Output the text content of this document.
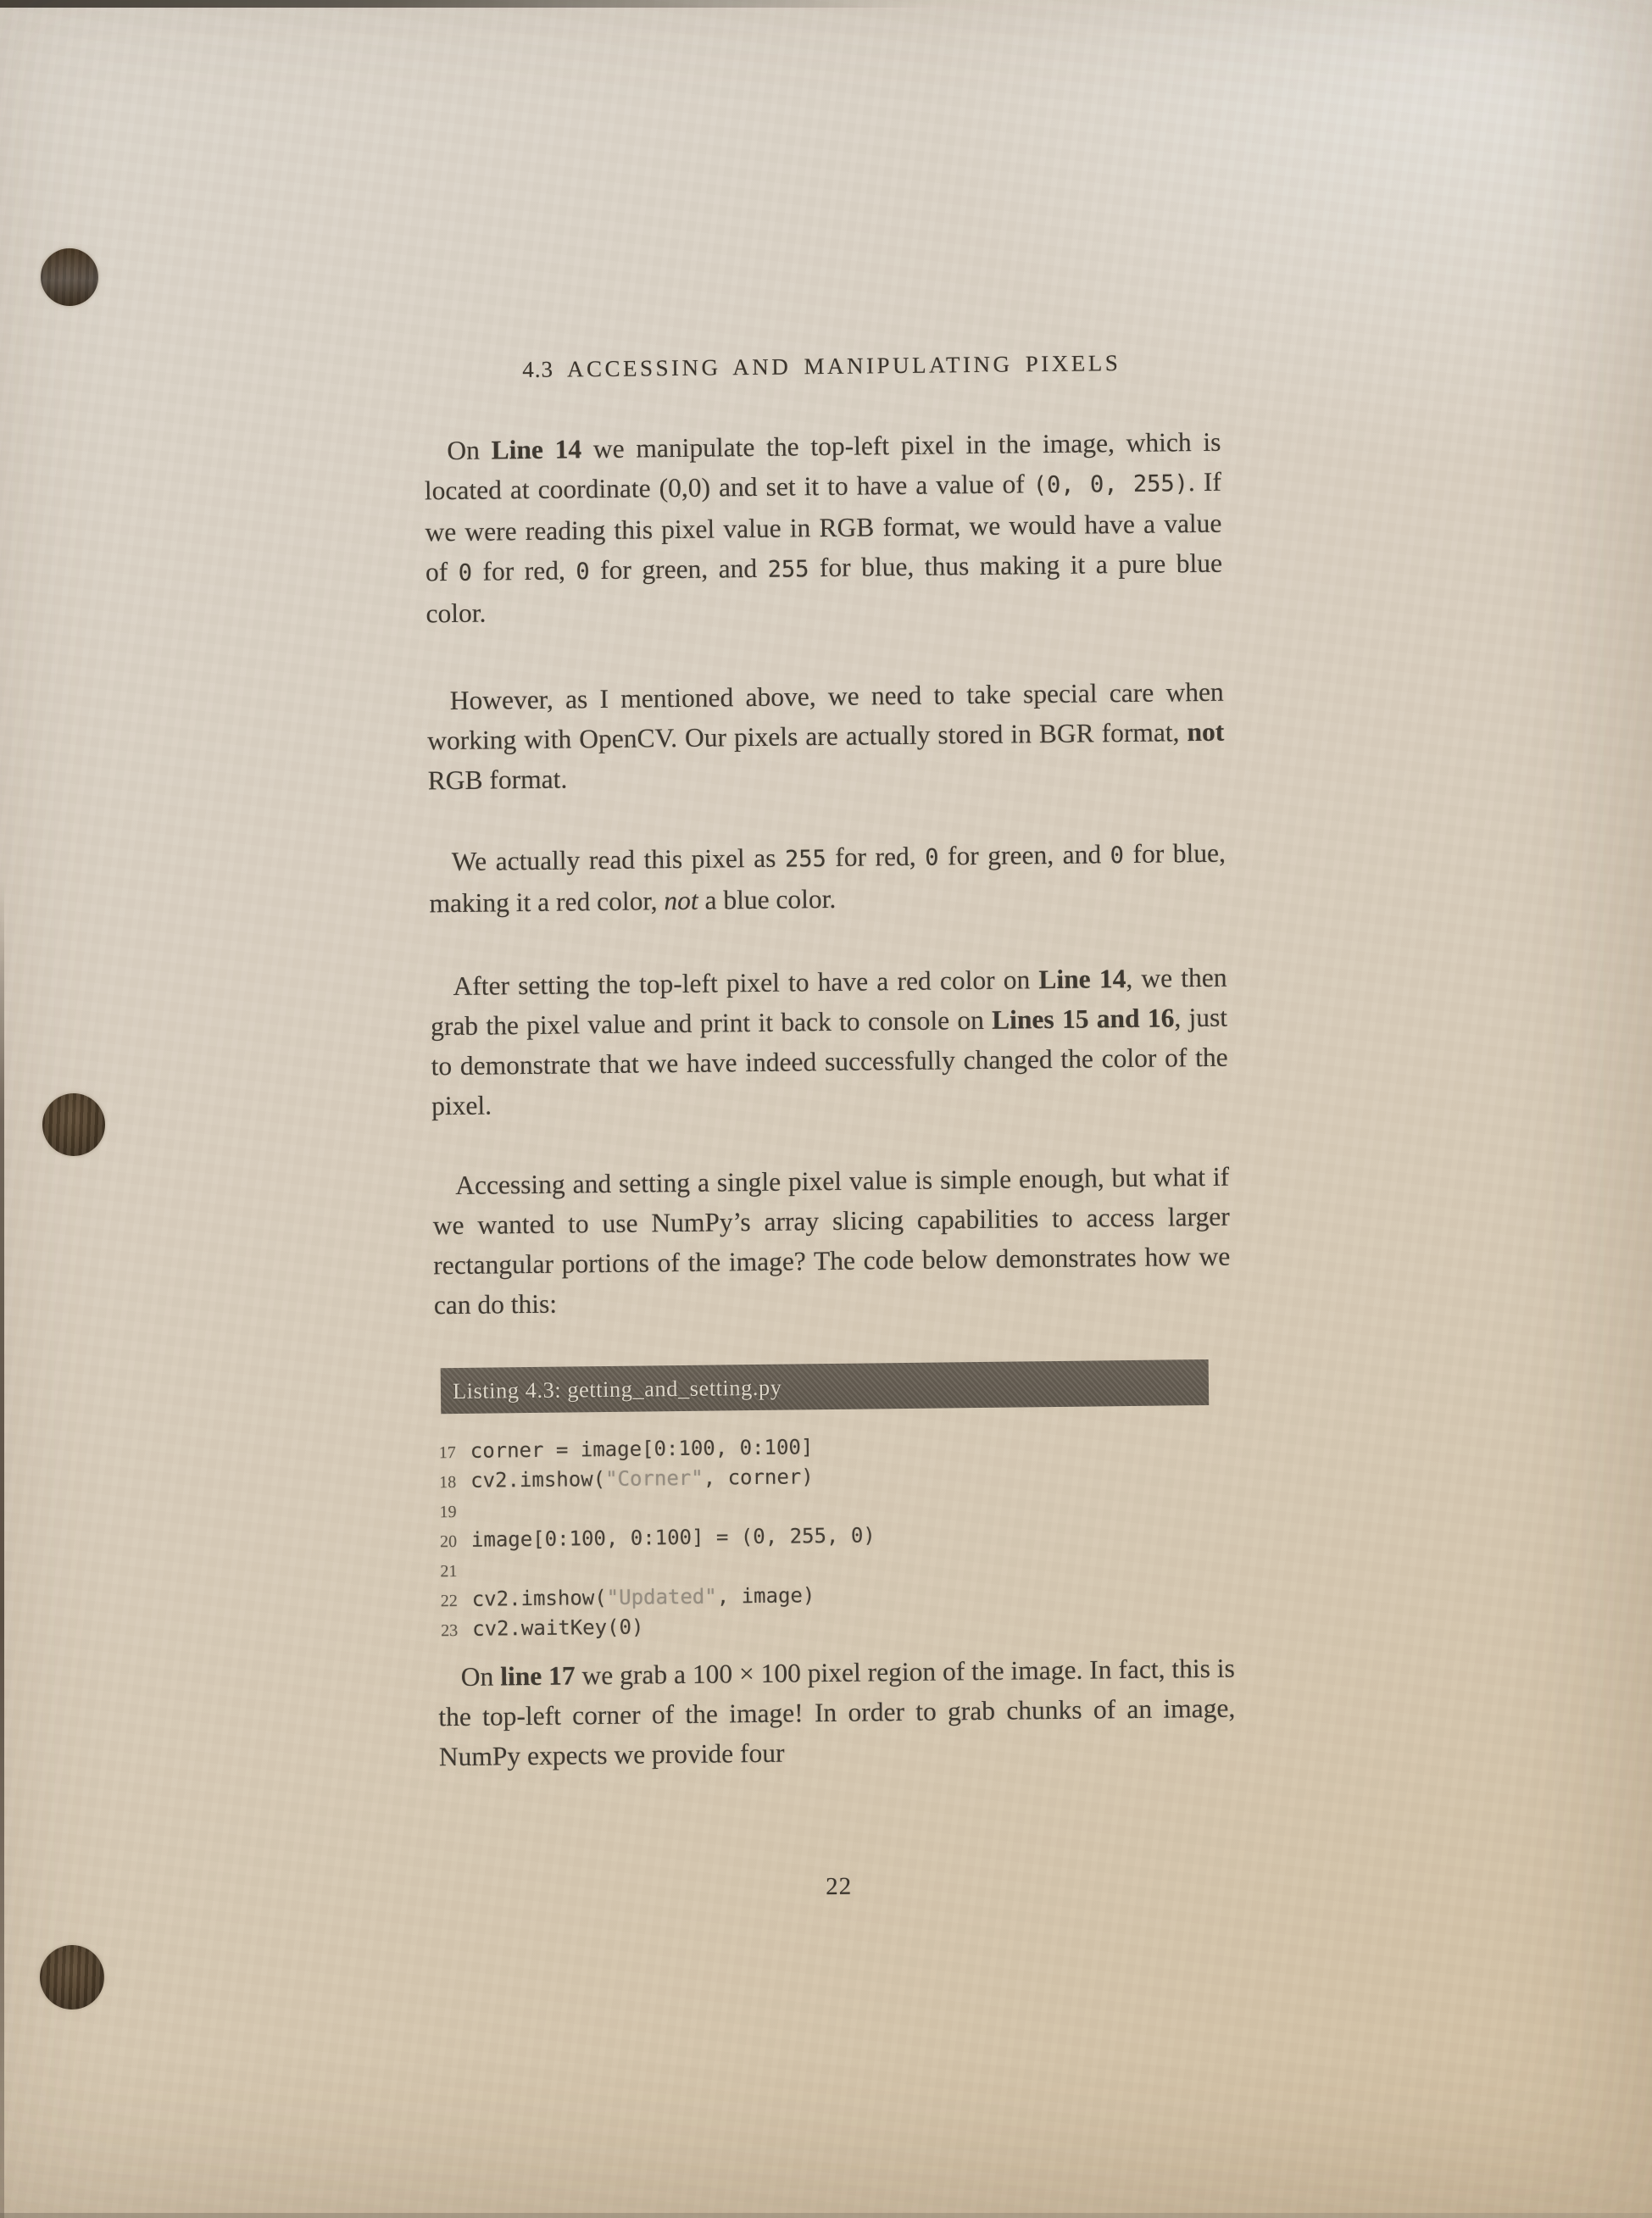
4.3 ACCESSING AND MANIPULATING PIXELS

On Line 14 we manipulate the top-left pixel in the image, which is located at coordinate (0,0) and set it to have a value of (0, 0, 255). If we were reading this pixel value in RGB format, we would have a value of 0 for red, 0 for green, and 255 for blue, thus making it a pure blue color.

However, as I mentioned above, we need to take special care when working with OpenCV. Our pixels are actually stored in BGR format, not RGB format.

We actually read this pixel as 255 for red, 0 for green, and 0 for blue, making it a red color, not a blue color.

After setting the top-left pixel to have a red color on Line 14, we then grab the pixel value and print it back to console on Lines 15 and 16, just to demonstrate that we have indeed successfully changed the color of the pixel.

Accessing and setting a single pixel value is simple enough, but what if we wanted to use NumPy’s array slicing capabilities to access larger rectangular portions of the image? The code below demonstrates how we can do this:

Listing 4.3: getting_and_setting.py
17 corner = image[0:100, 0:100]
18 cv2.imshow("Corner", corner)
19
20 image[0:100, 0:100] = (0, 255, 0)
21
22 cv2.imshow("Updated", image)
23 cv2.waitKey(0)

On line 17 we grab a 100 × 100 pixel region of the image. In fact, this is the top-left corner of the image! In order to grab chunks of an image, NumPy expects we provide four

22
